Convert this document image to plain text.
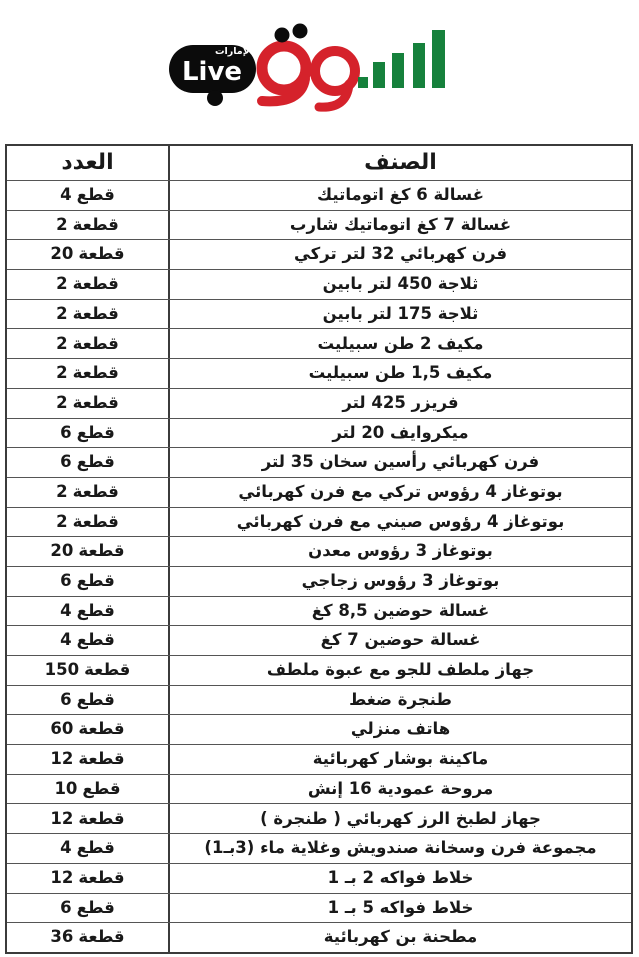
الإمارات
Live
العدد	الصنف
4 قطع	غسالة 6 كغ اتوماتيك
2 قطعة	غسالة 7 كغ اتوماتيك شارب
20 قطعة	فرن كهربائي 32 لتر تركي
2 قطعة	ثلاجة 450 لتر بابين
2 قطعة	ثلاجة 175 لتر بابين
2 قطعة	مكيف 2 طن سبيليت
2 قطعة	مكيف 1,5 طن سبيليت
2 قطعة	فريزر 425 لتر
6 قطع	ميكروايف 20 لتر
6 قطع	فرن كهربائي رأسين سخان 35 لتر
2 قطعة	بوتوغاز 4 رؤوس تركي مع فرن كهربائي
2 قطعة	بوتوغاز 4 رؤوس صيني مع فرن كهربائي
20 قطعة	بوتوغاز 3 رؤوس معدن
6 قطع	بوتوغاز 3 رؤوس زجاجي
4 قطع	غسالة حوضين 8,5 كغ
4 قطع	غسالة حوضين 7 كغ
150 قطعة	جهاز ملطف للجو مع عبوة ملطف
6 قطع	طنجرة ضغط
60 قطعة	هاتف منزلي
12 قطعة	ماكينة بوشار كهربائية
10 قطع	مروحة عمودية 16 إنش
12 قطعة	جهاز لطبخ الرز كهربائي ( طنجرة )
4 قطع	مجموعة فرن وسخانة صندويش وغلاية ماء (3بـ1)
12 قطعة	خلاط فواكه 2 بـ 1
6 قطع	خلاط فواكه 5 بـ 1
36 قطعة	مطحنة بن كهربائية
